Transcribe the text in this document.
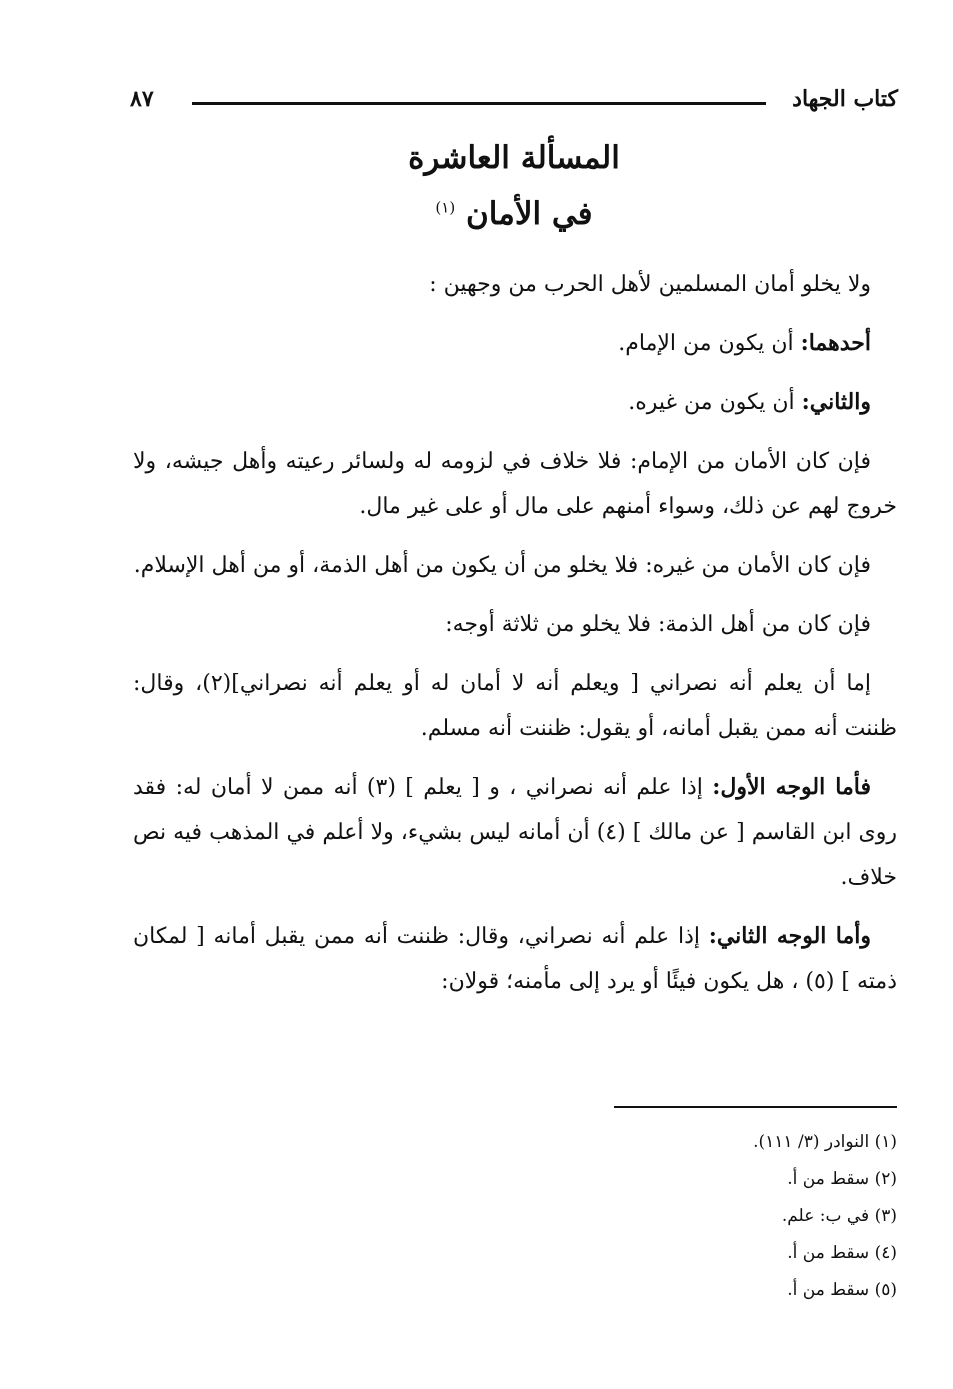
كتاب الجهاد
٨٧
المسألة العاشرة
في الأمان $^{(١)}$

ولا يخلو أمان المسلمين لأهل الحرب من وجهين :

أحدهما: أن يكون من الإمام.

والثاني: أن يكون من غيره.

فإن كان الأمان من الإمام: فلا خلاف في لزومه له ولسائر رعيته وأهل جيشه، ولا خروج لهم عن ذلك، وسواء أمنهم على مال أو على غير مال.

فإن كان الأمان من غيره: فلا يخلو من أن يكون من أهل الذمة، أو من أهل الإسلام.

فإن كان من أهل الذمة: فلا يخلو من ثلاثة أوجه:

إما أن يعلم أنه نصراني [ ويعلم أنه لا أمان له أو يعلم أنه نصراني](٢)، وقال: ظننت أنه ممن يقبل أمانه، أو يقول: ظننت أنه مسلم.

فأما الوجه الأول: إذا علم أنه نصراني ، و [ يعلم ] (٣) أنه ممن لا أمان له: فقد روى ابن القاسم [ عن مالك ] (٤) أن أمانه ليس بشيء، ولا أعلم في المذهب فيه نص خلاف.

وأما الوجه الثاني: إذا علم أنه نصراني، وقال: ظننت أنه ممن يقبل أمانه [ لمكان ذمته ] (٥) ، هل يكون فيئًا أو يرد إلى مأمنه؛ قولان:

(١) النوادر (٣/ ١١١).

(٢) سقط من أ.

(٣) في ب: علم.

(٤) سقط من أ.

(٥) سقط من أ.
